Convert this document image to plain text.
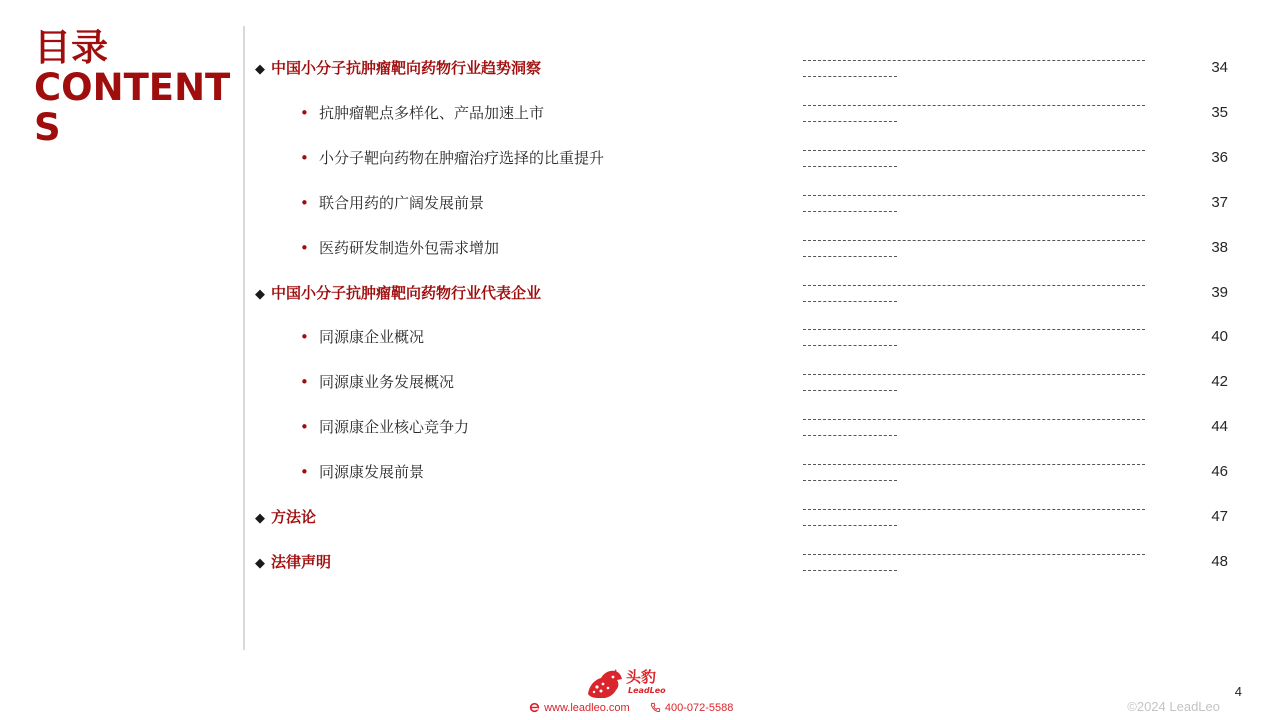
目录
CONTENT
S
◆ 中国小分子抗肿瘤靶向药物行业趋势洞察	34
• 抗肿瘤靶点多样化、产品加速上市	35
• 小分子靶向药物在肿瘤治疗选择的比重提升	36
• 联合用药的广阔发展前景	37
• 医药研发制造外包需求增加	38
◆ 中国小分子抗肿瘤靶向药物行业代表企业	39
• 同源康企业概况	40
• 同源康业务发展概况	42
• 同源康企业核心竞争力	44
• 同源康发展前景	46
◆ 方法论	47
◆ 法律声明	48
头豹
LeadLeo
www.leadleo.com	400-072-5588	©2024 LeadLeo
4
